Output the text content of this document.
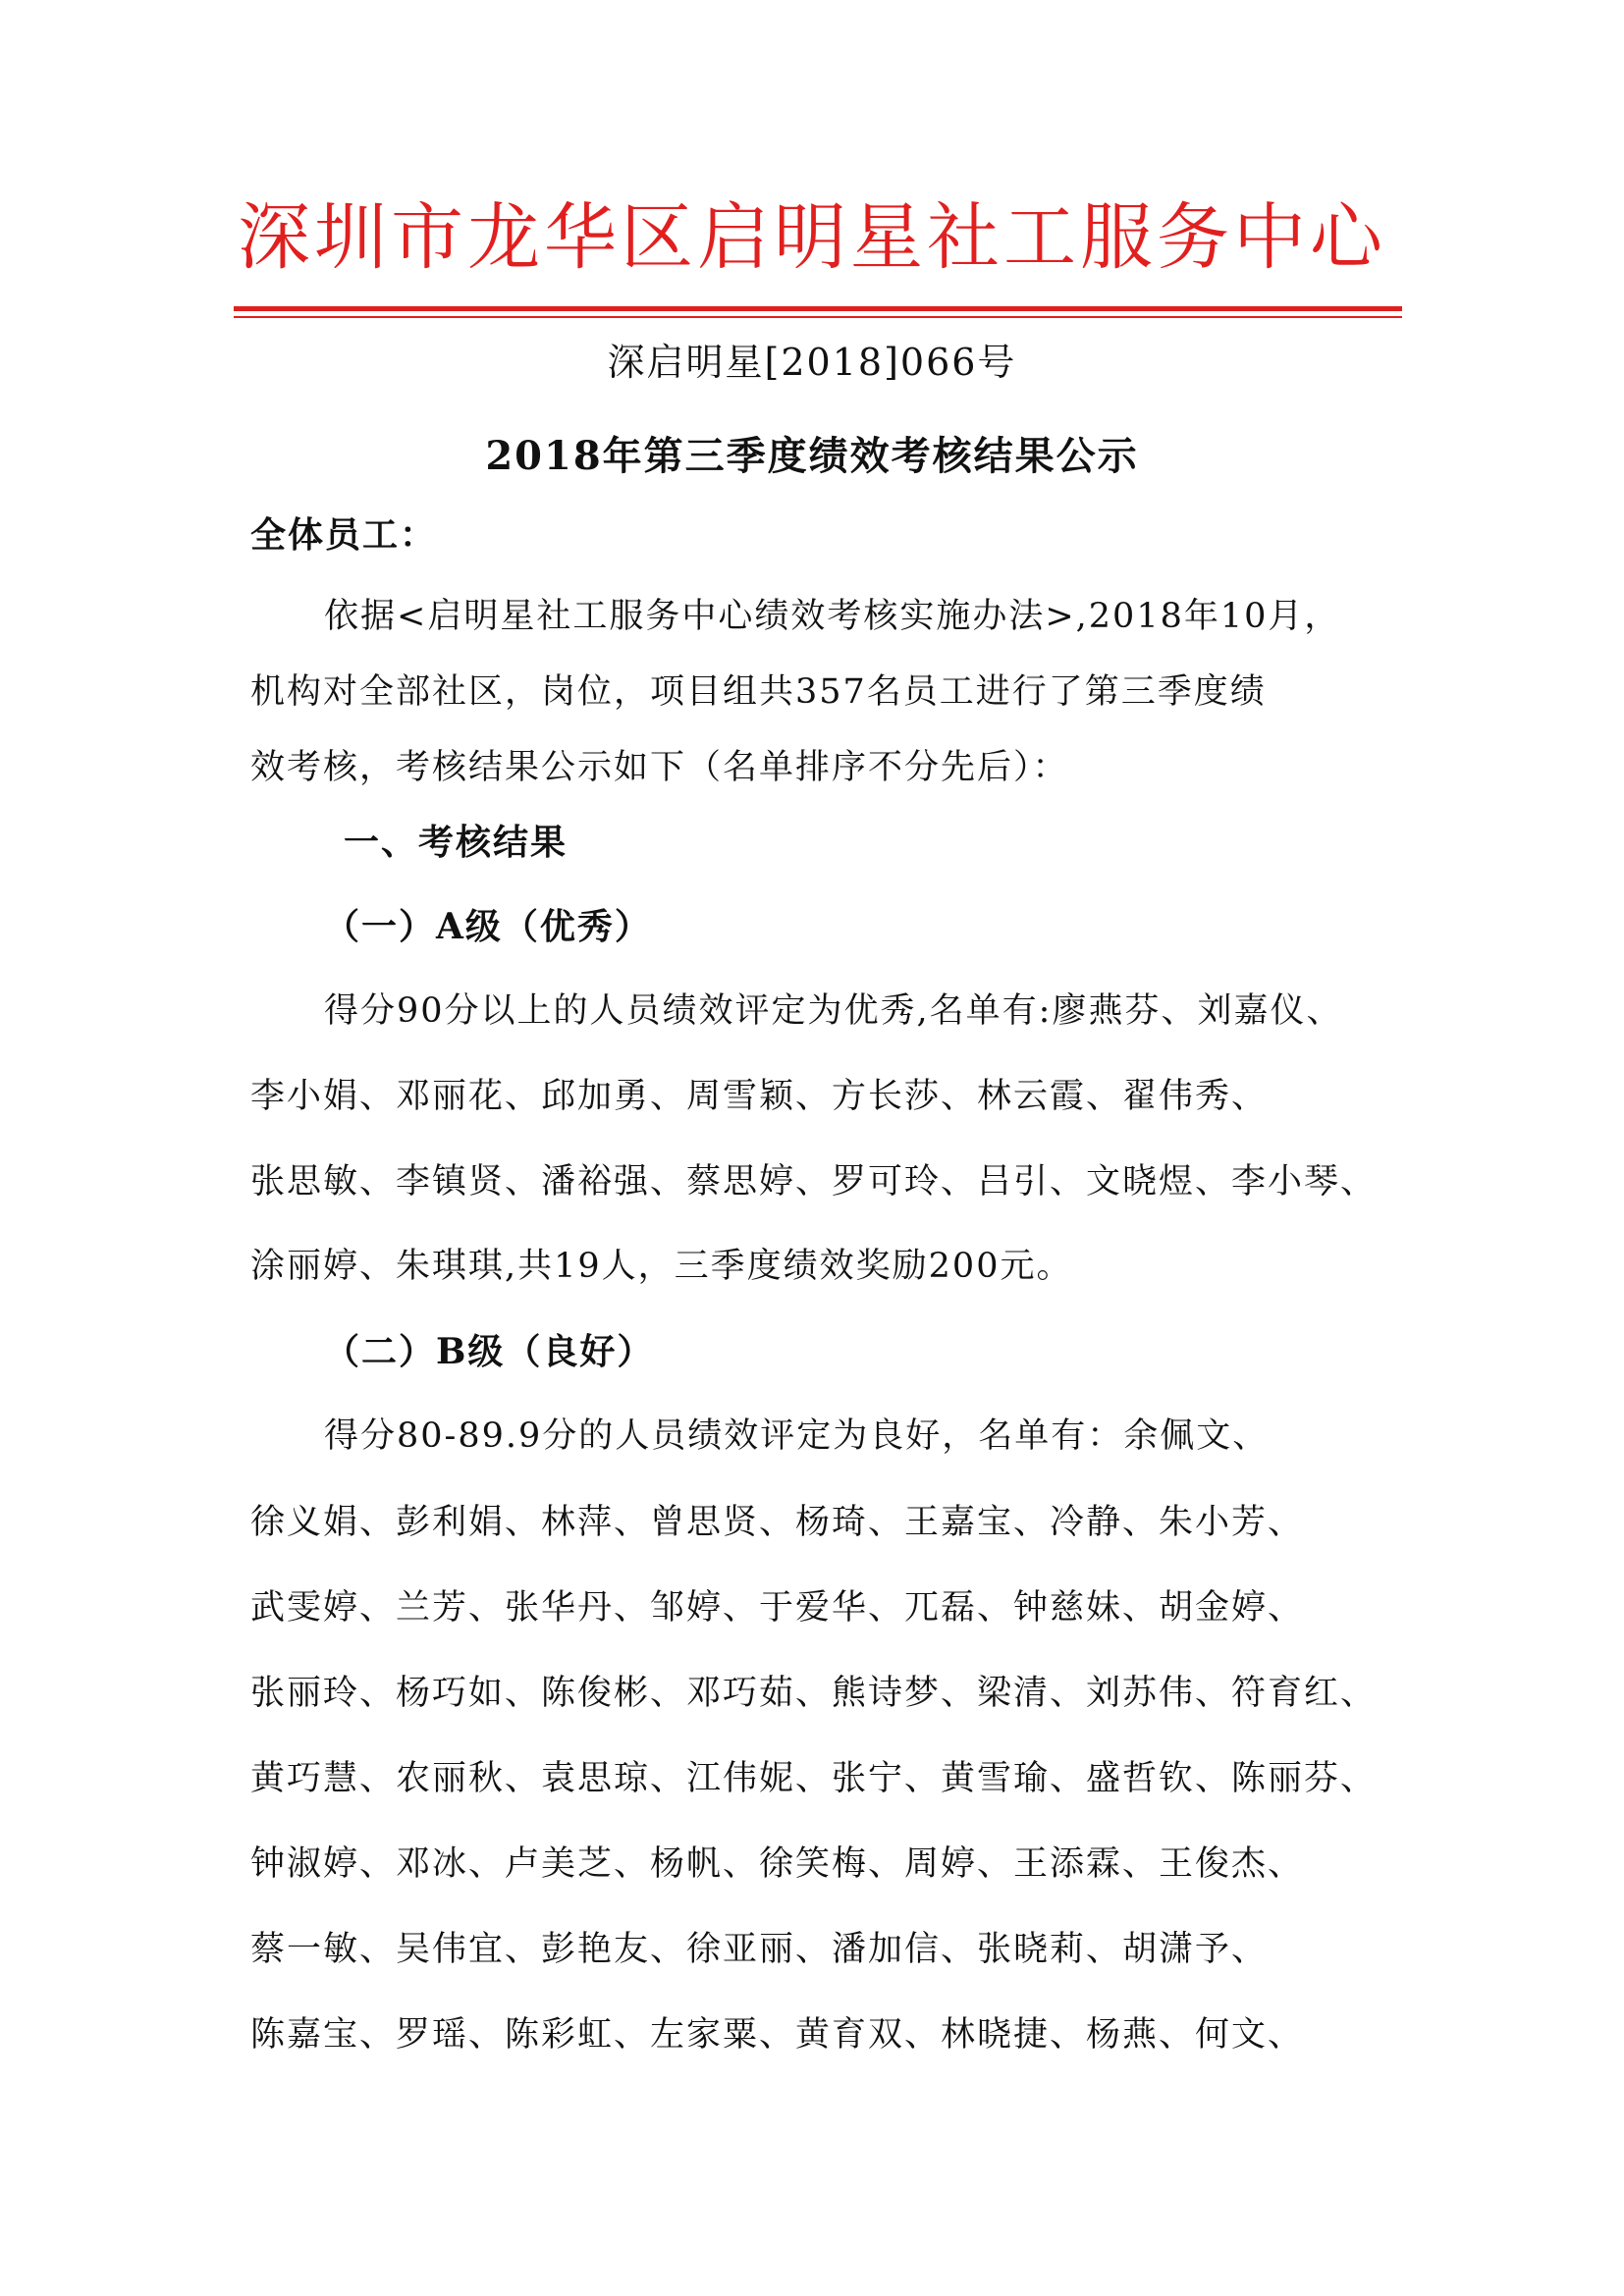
深圳市龙华区启明星社工服务中心
深启明星[2018]066号
2018年第三季度绩效考核结果公示
全体员工：
依据<启明星社工服务中心绩效考核实施办法>,2018年10月，
机构对全部社区，岗位，项目组共357名员工进行了第三季度绩
效考核，考核结果公示如下（名单排序不分先后）：
一、考核结果
（一）A级（优秀）
得分90分以上的人员绩效评定为优秀,名单有:廖燕芬、刘嘉仪、
李小娟、邓丽花、邱加勇、周雪颖、方长莎、林云霞、翟伟秀、
张思敏、李镇贤、潘裕强、蔡思婷、罗可玲、吕引、文晓煜、李小琴、
涂丽婷、朱琪琪,共19人，三季度绩效奖励200元。
（二）B级（良好）
得分80-89.9分的人员绩效评定为良好，名单有：余佩文、
徐义娟、彭利娟、林萍、曾思贤、杨琦、王嘉宝、冷静、朱小芳、
武雯婷、兰芳、张华丹、邹婷、于爱华、兀磊、钟慈妹、胡金婷、
张丽玲、杨巧如、陈俊彬、邓巧茹、熊诗梦、梁清、刘苏伟、符育红、
黄巧慧、农丽秋、袁思琼、江伟妮、张宁、黄雪瑜、盛哲钦、陈丽芬、
钟淑婷、邓冰、卢美芝、杨帆、徐笑梅、周婷、王添霖、王俊杰、
蔡一敏、吴伟宜、彭艳友、徐亚丽、潘加信、张晓莉、胡潇予、
陈嘉宝、罗瑶、陈彩虹、左家粟、黄育双、林晓捷、杨燕、何文、
